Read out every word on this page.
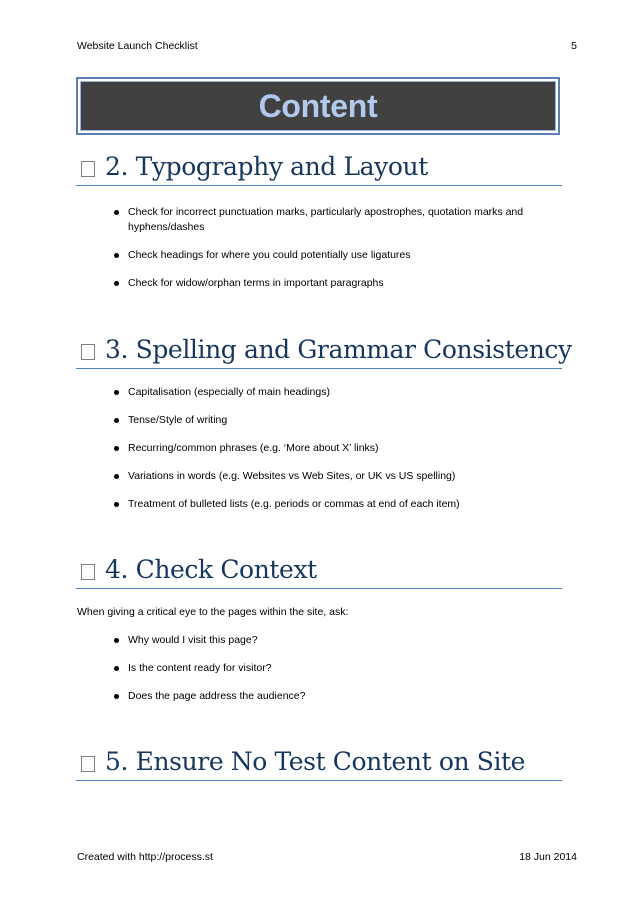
Website Launch Checklist	5
Content
2. Typography and Layout
Check for incorrect punctuation marks, particularly apostrophes, quotation marks and hyphens/dashes
Check headings for where you could potentially use ligatures
Check for widow/orphan terms in important paragraphs
3. Spelling and Grammar Consistency
Capitalisation (especially of main headings)
Tense/Style of writing
Recurring/common phrases (e.g. ‘More about X’ links)
Variations in words (e.g. Websites vs Web Sites, or UK vs US spelling)
Treatment of bulleted lists (e.g. periods or commas at end of each item)
4. Check Context
When giving a critical eye to the pages within the site, ask:
Why would I visit this page?
Is the content ready for visitor?
Does the page address the audience?
5. Ensure No Test Content on Site
Created with http://process.st	18 Jun 2014
